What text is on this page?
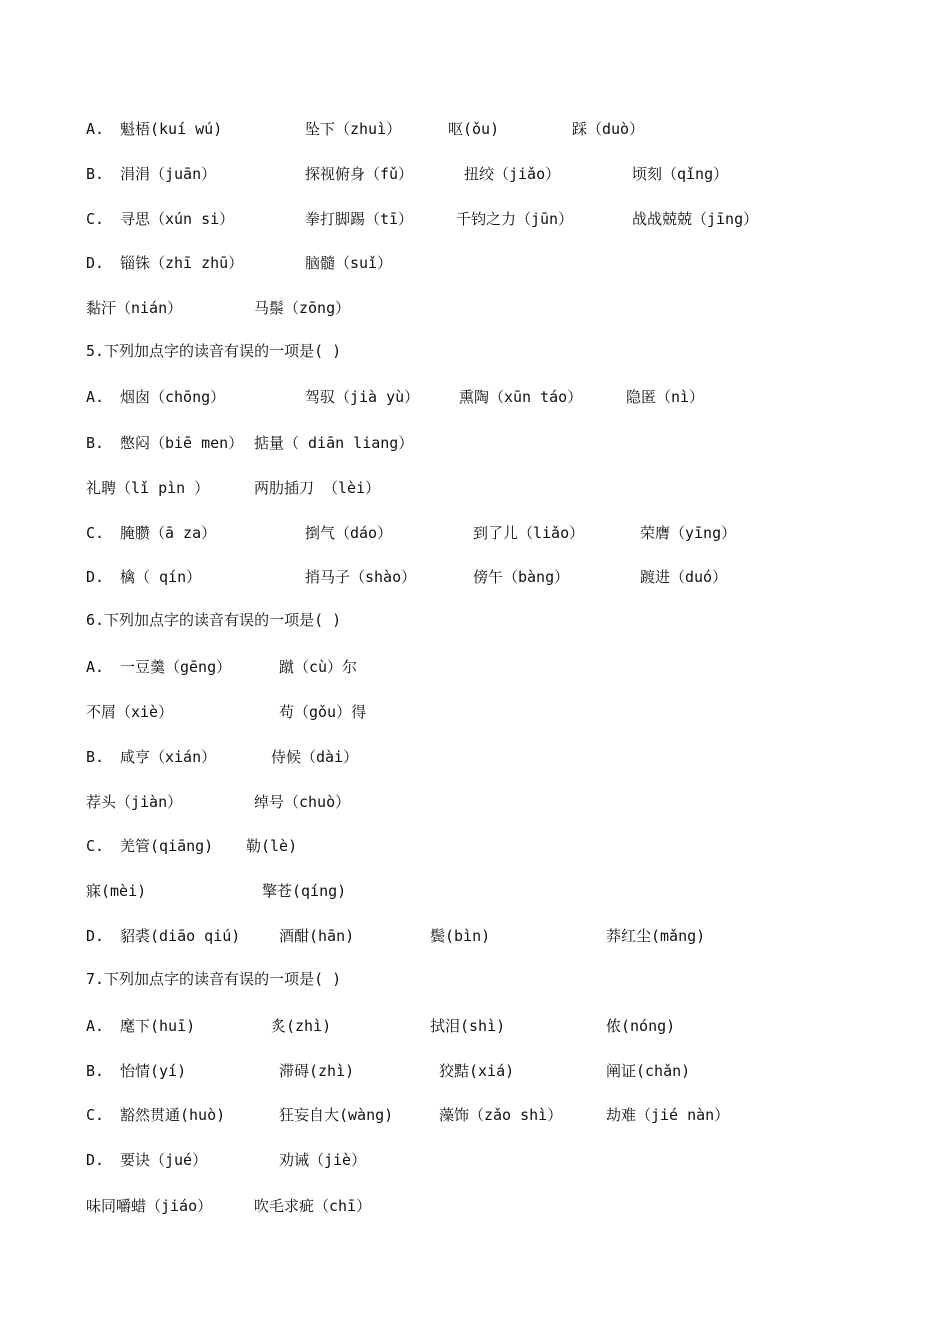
A. 魁梧(kuí wú)	坠下（zhuì）	呕(ǒu)	踩（duò）
B. 涓涓（juān）	探视俯身（fǔ）	扭绞（jiǎo）	顷刻（qǐng）
C. 寻思（xún si）	拳打脚踢（tī）	千钧之力（jūn）	战战兢兢（jīng）
D. 锱铢（zhī zhū）	脑髓（suǐ）
黏汗（nián）	马鬃（zōng）
5.下列加点字的读音有误的一项是( )
A. 烟囱（chōng）	驾驭（jià yù）	熏陶（xūn táo）	隐匿（nì）
B. 憋闷（biē men） 掂量（ diān liang）
礼聘（lǐ pìn ）	两肋插刀 （lèi）
C. 腌臜（ā za）	捯气（dáo）	到了儿（liǎo）	荣膺（yīng）
D. 檎（ qín）	捎马子（shào）	傍午（bàng）	踱进（duó）
6.下列加点字的读音有误的一项是( )
A. 一豆羹（gēng）	蹴（cù）尔
不屑（xiè）	苟（gǒu）得
B. 咸亨（xián）	侍候（dài）
荐头（jiàn）	绰号（chuò）
C. 羌管(qiāng) 勒(lè)
寐(mèi)	擎苍(qíng)
D. 貂裘(diāo qiú)	酒酣(hān)	鬓(bìn)	莽红尘(mǎng)
7.下列加点字的读音有误的一项是( )
A. 麾下(huī)	炙(zhì)	拭泪(shì)	侬(nóng)
B. 怡情(yí)	滞碍(zhì)	狡黠(xiá)	阐证(chǎn)
C. 豁然贯通(huò)	狂妄自大(wàng)	藻饰（zǎo shì）	劫难（jié nàn）
D. 要诀（jué）	劝诫（jiè）
味同嚼蜡（jiáo）	吹毛求疵（chī）
